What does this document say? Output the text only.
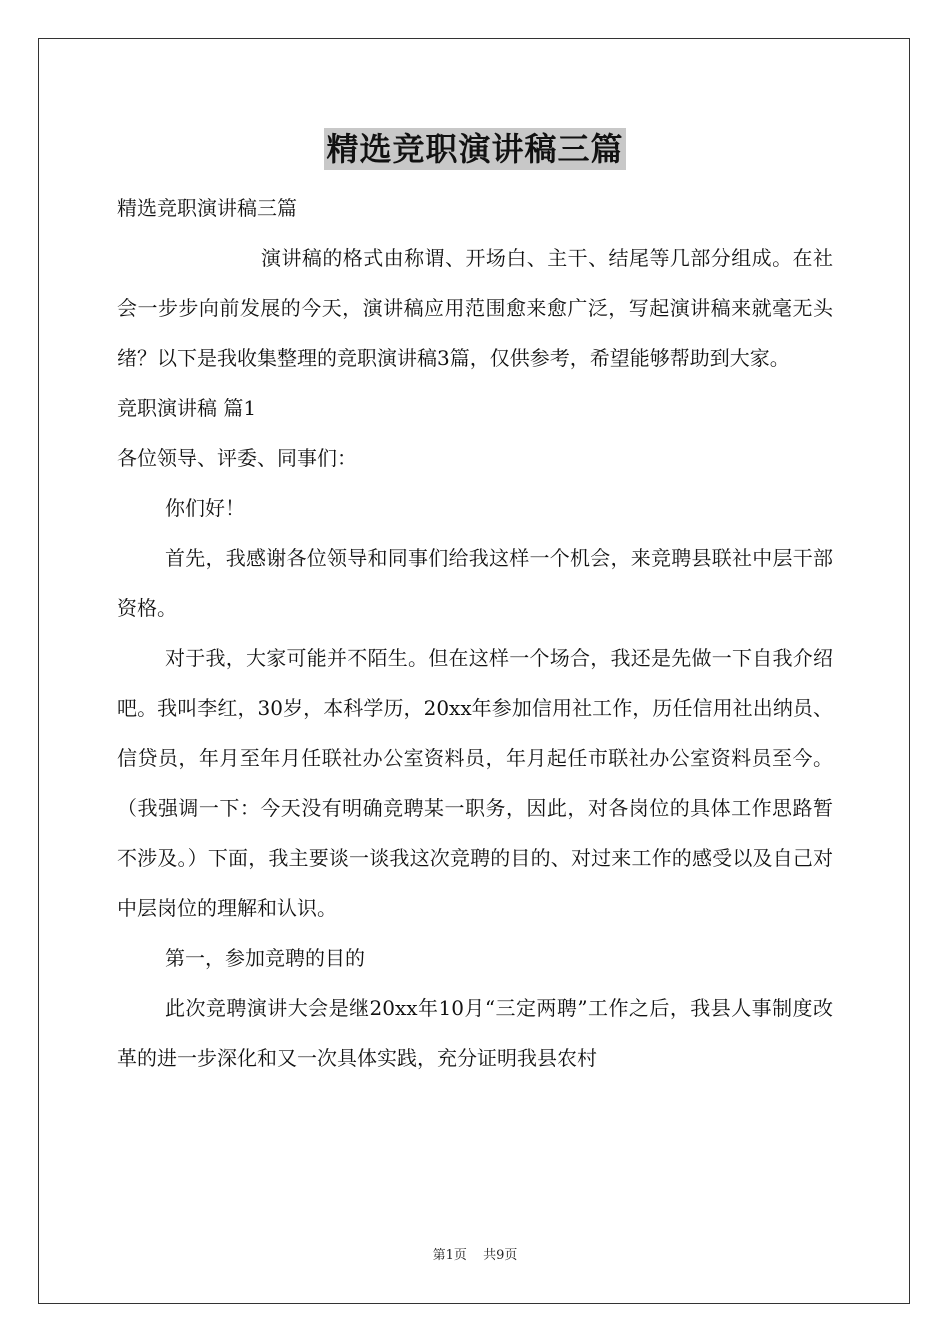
精选竞职演讲稿三篇

精选竞职演讲稿三篇

演讲稿的格式由称谓、开场白、主干、结尾等几部分组成。在社会一步步向前发展的今天，演讲稿应用范围愈来愈广泛，写起演讲稿来就毫无头绪？以下是我收集整理的竞职演讲稿3篇，仅供参考，希望能够帮助到大家。

竞职演讲稿 篇1

各位领导、评委、同事们：

你们好！

首先，我感谢各位领导和同事们给我这样一个机会，来竞聘县联社中层干部资格。

对于我，大家可能并不陌生。但在这样一个场合，我还是先做一下自我介绍吧。我叫李红，30岁，本科学历，20xx年参加信用社工作，历任信用社出纳员、信贷员，年月至年月任联社办公室资料员，年月起任市联社办公室资料员至今。（我强调一下：今天没有明确竞聘某一职务，因此，对各岗位的具体工作思路暂不涉及。）下面，我主要谈一谈我这次竞聘的目的、对过来工作的感受以及自己对中层岗位的理解和认识。

第一，参加竞聘的目的

此次竞聘演讲大会是继20xx年10月“三定两聘”工作之后，我县人事制度改革的进一步深化和又一次具体实践，充分证明我县农村

第1页 共9页
